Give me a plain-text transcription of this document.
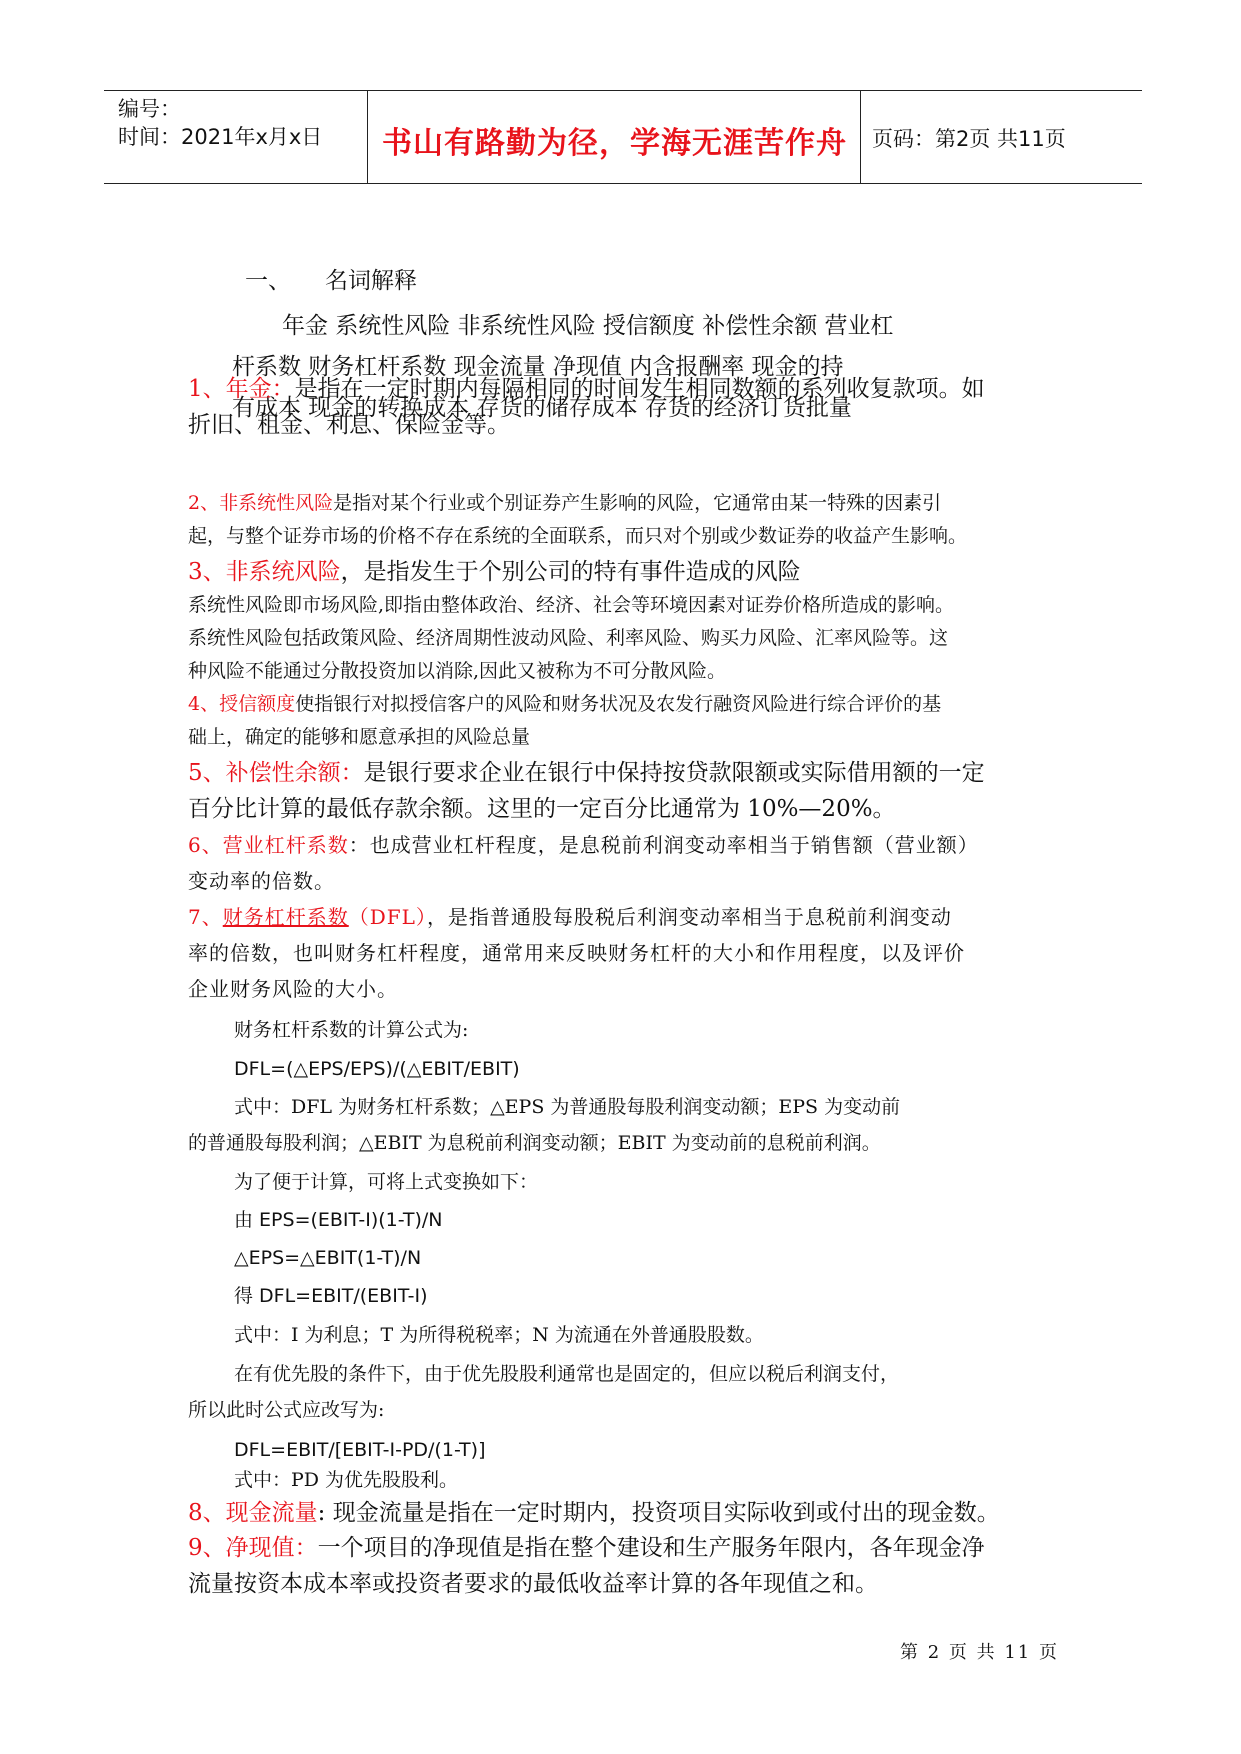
编号：
时间：2021年x月x日	书山有路勤为径，学海无涯苦作舟	页码：第2页 共11页
一、 名词解释
年金 系统性风险 非系统性风险 授信额度 补偿性余额 营业杠
杆系数 财务杠杆系数 现金流量 净现值 内含报酬率 现金的持
有成本 现金的转换成本 存货的储存成本 存货的经济订货批量
1、年金：是指在一定时期内每隔相同的时间发生相同数额的系列收复款项。如
折旧、租金、利息、保险金等。
2、非系统性风险是指对某个行业或个别证券产生影响的风险，它通常由某一特殊的因素引
起，与整个证券市场的价格不存在系统的全面联系，而只对个别或少数证券的收益产生影响。
3、非系统风险，是指发生于个别公司的特有事件造成的风险
系统性风险即市场风险,即指由整体政治、经济、社会等环境因素对证券价格所造成的影响。
系统性风险包括政策风险、经济周期性波动风险、利率风险、购买力风险、汇率风险等。这
种风险不能通过分散投资加以消除,因此又被称为不可分散风险。
4、授信额度使指银行对拟授信客户的风险和财务状况及农发行融资风险进行综合评价的基
础上，确定的能够和愿意承担的风险总量
5、补偿性余额：是银行要求企业在银行中保持按贷款限额或实际借用额的一定
百分比计算的最低存款余额。这里的一定百分比通常为 10%—20%。
6、营业杠杆系数：也成营业杠杆程度，是息税前利润变动率相当于销售额（营业额）
变动率的倍数。
7、财务杠杆系数（DFL），是指普通股每股税后利润变动率相当于息税前利润变动
率的倍数，也叫财务杠杆程度，通常用来反映财务杠杆的大小和作用程度，以及评价
企业财务风险的大小。
财务杠杆系数的计算公式为:
DFL=(△EPS/EPS)/(△EBIT/EBIT)
式中：DFL 为财务杠杆系数；△EPS 为普通股每股利润变动额；EPS 为变动前
的普通股每股利润；△EBIT 为息税前利润变动额；EBIT 为变动前的息税前利润。
为了便于计算，可将上式变换如下：
由 EPS=(EBIT-I)(1-T)/N
△EPS=△EBIT(1-T)/N
得 DFL=EBIT/(EBIT-I)
式中：I 为利息；T 为所得税税率；N 为流通在外普通股股数。
在有优先股的条件下，由于优先股股利通常也是固定的，但应以税后利润支付，
所以此时公式应改写为:
DFL=EBIT/[EBIT-I-PD/(1-T)]
式中：PD 为优先股股利。
8、现金流量: 现金流量是指在一定时期内，投资项目实际收到或付出的现金数。
9、净现值：一个项目的净现值是指在整个建设和生产服务年限内，各年现金净
流量按资本成本率或投资者要求的最低收益率计算的各年现值之和。
第 2 页 共 11 页
